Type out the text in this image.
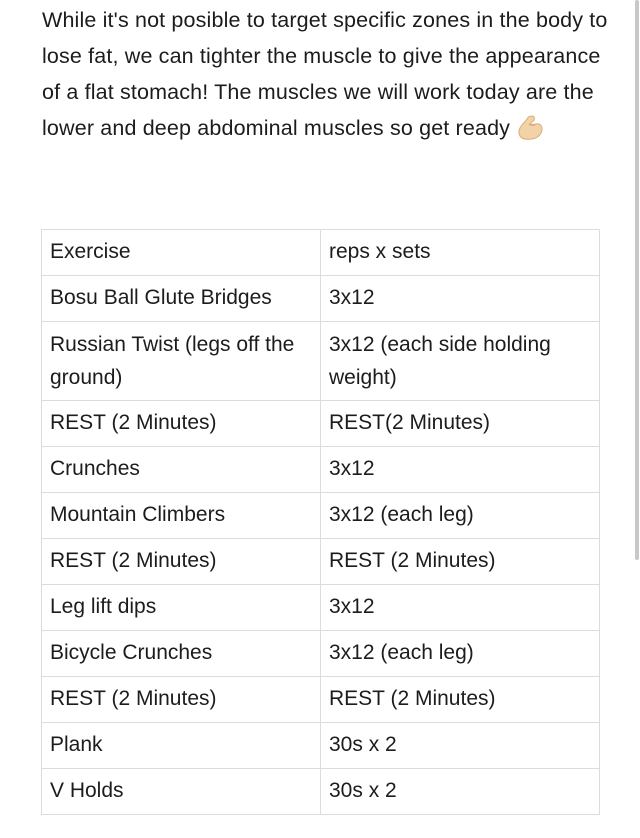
While it's not posible to target specific zones in the body to lose fat, we can tighter the muscle to give the appearance of a flat stomach! The muscles we will work today are the lower and deep abdominal muscles so get ready

Exercise	reps x sets

Bosu Ball Glute Bridges	3x12

Russian Twist (legs off the ground)	3x12 (each side holding weight)

REST (2 Minutes)	REST(2 Minutes)

Crunches	3x12

Mountain Climbers	3x12 (each leg)

REST (2 Minutes)	REST (2 Minutes)

Leg lift dips	3x12

Bicycle Crunches	3x12 (each leg)

REST (2 Minutes)	REST (2 Minutes)

Plank	30s x 2

V Holds	30s x 2
